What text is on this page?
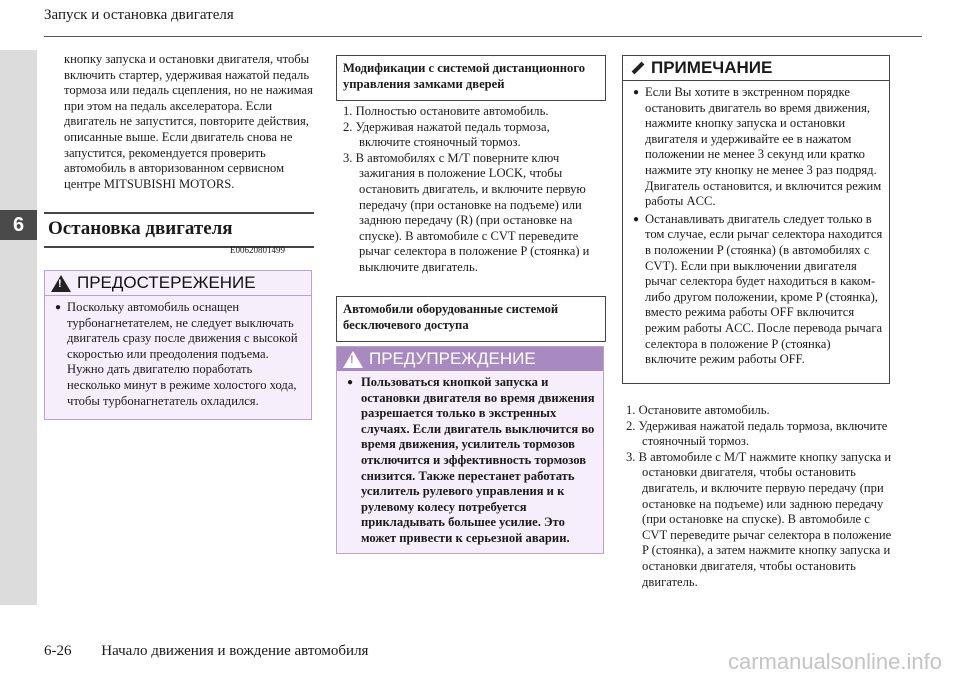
Запуск и остановка двигателя
6

кнопку запуска и остановки двигателя, чтобы включить стартер, удерживая нажатой педаль тормоза или педаль сцепления, но не нажимая при этом на педаль акселератора. Если двигатель не запустится, повторите действия, описанные выше. Если двигатель снова не запустится, рекомендуется проверить автомобиль в авторизованном сервисном центре MITSUBISHI MOTORS.

Остановка двигателя
E00620801499
!
ПРЕДОСТЕРЕЖЕНИЕ
● Поскольку автомобиль оснащен турбонагнетателем, не следует выключать двигатель сразу после движения с высокой скоростью или преодоления подъема. Нужно дать двигателю поработать несколько минут в режиме холостого хода, чтобы турбонагнетатель охладился.
Модификации с системой дистанционного управления замками дверей
1. Полностью остановите автомобиль.
2. Удерживая нажатой педаль тормоза, включите стояночный тормоз.
3. В автомобилях с М/Т поверните ключ зажигания в положение LOCK, чтобы остановить двигатель, и включите первую передачу (при остановке на подъеме) или заднюю передачу (R) (при остановке на спуске). В автомобиле с CVT переведите рычаг селектора в положение P (стоянка) и выключите двигатель.
Автомобили оборудованные системой бесключевого доступа
!
ПРЕДУПРЕЖДЕНИЕ
● Пользоваться кнопкой запуска и остановки двигателя во время движения разрешается только в экстренных случаях. Если двигатель выключится во время движения, усилитель тормозов отключится и эффективность тормозов снизится. Также перестанет работать усилитель рулевого управления и к рулевому колесу потребуется прикладывать большее усилие. Это может привести к серьезной аварии.
ПРИМЕЧАНИЕ
● Если Вы хотите в экстренном порядке остановить двигатель во время движения, нажмите кнопку запуска и остановки двигателя и удерживайте ее в нажатом положении не менее 3 секунд или кратко нажмите эту кнопку не менее 3 раз подряд. Двигатель остановится, и включится режим работы ACC.
● Останавливать двигатель следует только в том случае, если рычаг селектора находится в положении P (стоянка) (в автомобилях с CVT). Если при выключении двигателя рычаг селектора будет находиться в каком-либо другом положении, кроме P (стоянка), вместо режима работы OFF включится режим работы ACC. После перевода рычага селектора в положение P (стоянка) включите режим работы OFF.
1. Остановите автомобиль.
2. Удерживая нажатой педаль тормоза, включите стояночный тормоз.
3. В автомобиле с М/Т нажмите кнопку запуска и остановки двигателя, чтобы остановить двигатель, и включите первую передачу (при остановке на подъеме) или заднюю передачу (при остановке на спуске). В автомобиле с CVT переведите рычаг селектора в положение P (стоянка), а затем нажмите кнопку запуска и остановки двигателя, чтобы остановить двигатель.
6-26 Начало движения и вождение автомобиля	carmanualsonline.info
